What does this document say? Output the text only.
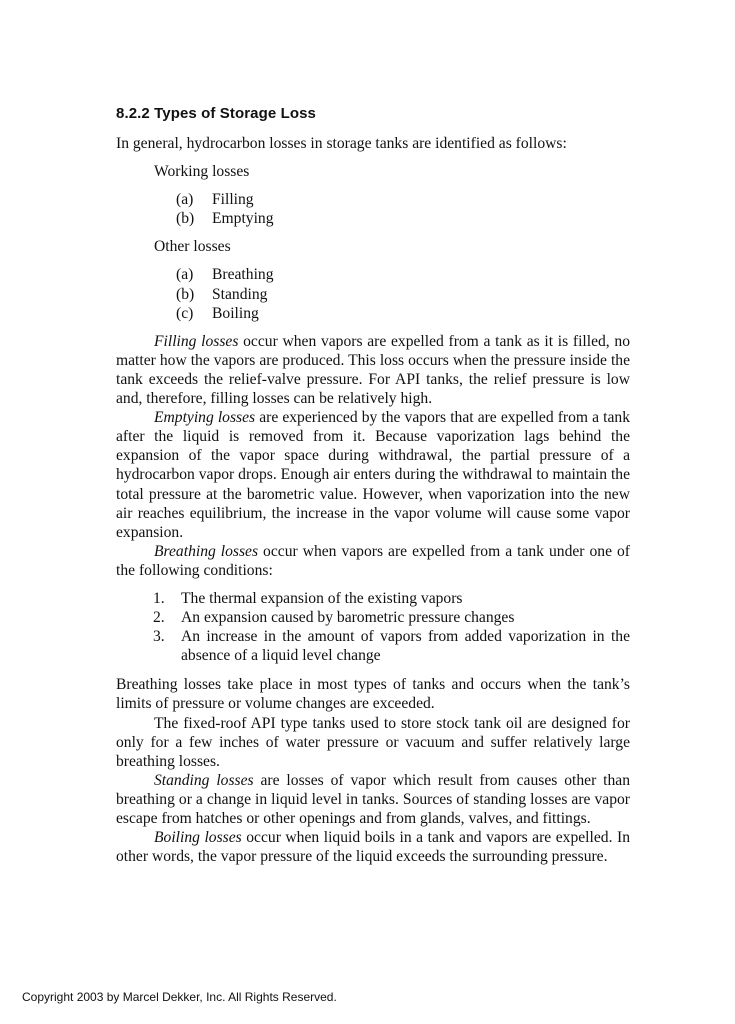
8.2.2 Types of Storage Loss

In general, hydrocarbon losses in storage tanks are identified as follows:

Working losses
(a)	Filling
(b)	Emptying
Other losses
(a)	Breathing
(b)	Standing
(c)	Boiling

Filling losses occur when vapors are expelled from a tank as it is filled, no matter how the vapors are produced. This loss occurs when the pressure inside the tank exceeds the relief-valve pressure. For API tanks, the relief pressure is low and, therefore, filling losses can be relatively high.

Emptying losses are experienced by the vapors that are expelled from a tank after the liquid is removed from it. Because vaporization lags behind the expansion of the vapor space during withdrawal, the partial pressure of a hydrocarbon vapor drops. Enough air enters during the withdrawal to maintain the total pressure at the barometric value. However, when vaporization into the new air reaches equilibrium, the increase in the vapor volume will cause some vapor expansion.

Breathing losses occur when vapors are expelled from a tank under one of the following conditions:

1.	The thermal expansion of the existing vapors
2.	An expansion caused by barometric pressure changes
3.	An increase in the amount of vapors from added vaporization in the absence of a liquid level change

Breathing losses take place in most types of tanks and occurs when the tank’s limits of pressure or volume changes are exceeded.

The fixed-roof API type tanks used to store stock tank oil are designed for only for a few inches of water pressure or vacuum and suffer relatively large breathing losses.

Standing losses are losses of vapor which result from causes other than breathing or a change in liquid level in tanks. Sources of standing losses are vapor escape from hatches or other openings and from glands, valves, and fittings.

Boiling losses occur when liquid boils in a tank and vapors are expelled. In other words, the vapor pressure of the liquid exceeds the surrounding pressure.

Copyright 2003 by Marcel Dekker, Inc. All Rights Reserved.
